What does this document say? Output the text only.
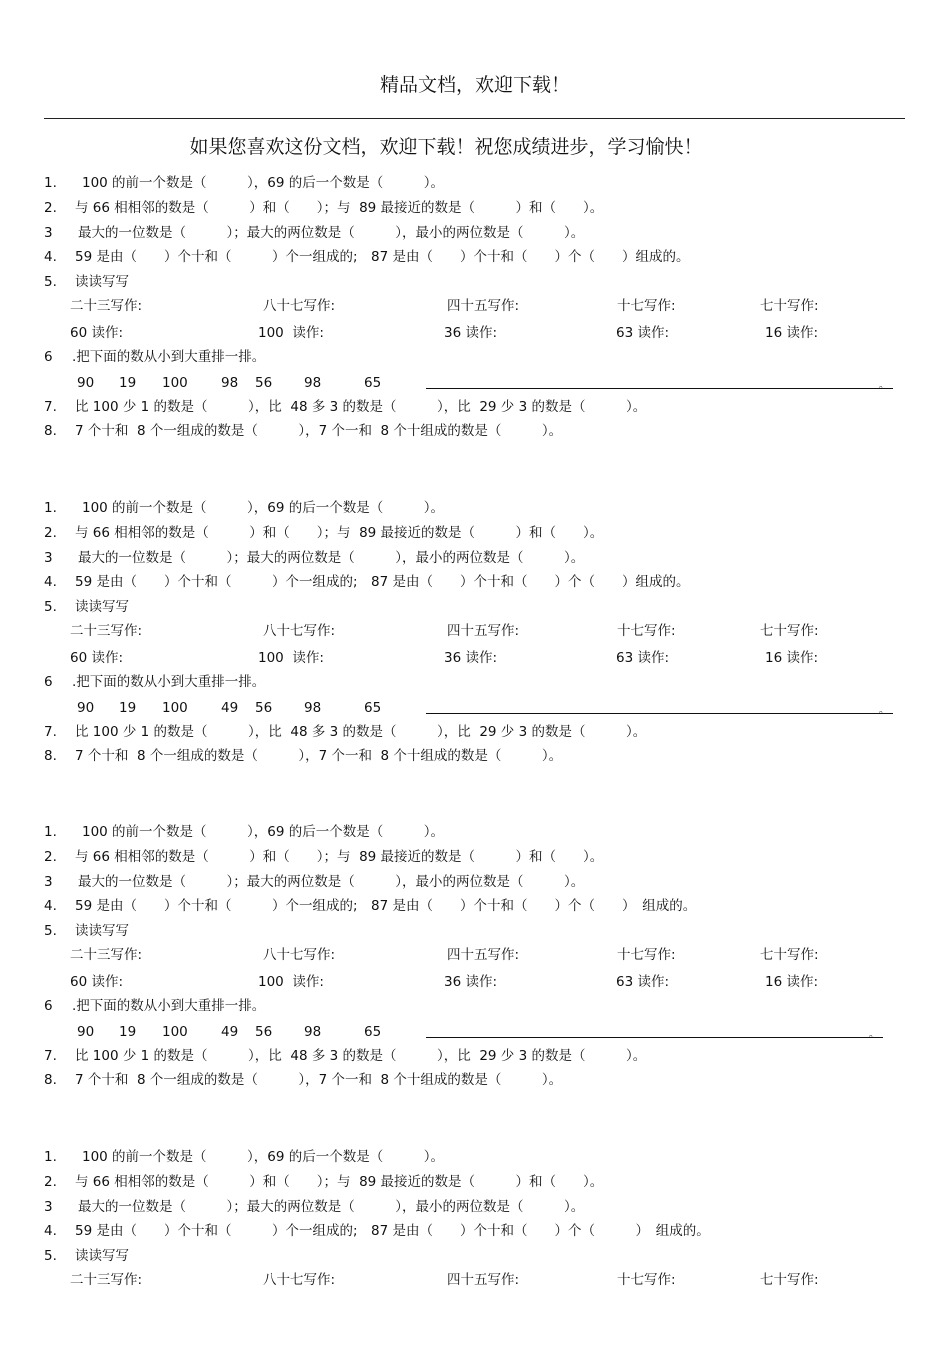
精品文档，欢迎下载！
如果您喜欢这份文档，欢迎下载！祝您成绩进步，学习愉快！
1. 100 的前一个数是（　　　），69 的后一个数是（　　　）。
2. 与 66 相相邻的数是（　　　）和（　　）；与  89 最接近的数是（　　　）和（　　）。
3 最大的一位数是（　　　）；最大的两位数是（　　　），最小的两位数是（　　　）。
4. 59 是由（　　）个十和（　　　）个一组成的;　87 是由（　　）个十和（　　）个（　　）组成的。
5. 读读写写
二十三写作:	八十七写作:	四十五写作:	十七写作:	七十写作:
60 读作:	100  读作:	36 读作:	63 读作:	16 读作:
6 .把下面的数从小到大重排一排。
90 19 100 98 56 98	65	。
7. 比 100 少 1 的数是（　　　），比  48 多 3 的数是（　　　），比  29 少 3 的数是（　　　）。
8. 7 个十和  8 个一组成的数是（　　　），7 个一和  8 个十组成的数是（　　　）。
1. 100 的前一个数是（　　　），69 的后一个数是（　　　）。
2. 与 66 相相邻的数是（　　　）和（　　）；与  89 最接近的数是（　　　）和（　　）。
3 最大的一位数是（　　　）；最大的两位数是（　　　），最小的两位数是（　　　）。
4. 59 是由（　　）个十和（　　　）个一组成的;　87 是由（　　）个十和（　　）个（　　）组成的。
5. 读读写写
二十三写作:	八十七写作:	四十五写作:	十七写作:	七十写作:
60 读作:	100  读作:	36 读作:	63 读作:	16 读作:
6 .把下面的数从小到大重排一排。
90 19 100 49 56 98	65	。
7. 比 100 少 1 的数是（　　　），比  48 多 3 的数是（　　　），比  29 少 3 的数是（　　　）。
8. 7 个十和  8 个一组成的数是（　　　），7 个一和  8 个十组成的数是（　　　）。
1. 100 的前一个数是（　　　），69 的后一个数是（　　　）。
2. 与 66 相相邻的数是（　　　）和（　　）；与  89 最接近的数是（　　　）和（　　）。
3 最大的一位数是（　　　）；最大的两位数是（　　　），最小的两位数是（　　　）。
4. 59 是由（　　）个十和（　　　）个一组成的;　87 是由（　　）个十和（　　）个（　　）　组成的。
5. 读读写写
二十三写作:	八十七写作:	四十五写作:	十七写作:	七十写作:
60 读作:	100  读作:	36 读作:	63 读作:	16 读作:
6 .把下面的数从小到大重排一排。
90 19 100 49 56 98	65	。
7. 比 100 少 1 的数是（　　　），比  48 多 3 的数是（　　　），比  29 少 3 的数是（　　　）。
8. 7 个十和  8 个一组成的数是（　　　），7 个一和  8 个十组成的数是（　　　）。
1. 100 的前一个数是（　　　），69 的后一个数是（　　　）。
2. 与 66 相相邻的数是（　　　）和（　　）；与  89 最接近的数是（　　　）和（　　）。
3 最大的一位数是（　　　）；最大的两位数是（　　　），最小的两位数是（　　　）。
4. 59 是由（　　）个十和（　　　）个一组成的;　87 是由（　　）个十和（　　）个（　　　）　组成的。
5. 读读写写
二十三写作:	八十七写作:	四十五写作:	十七写作:	七十写作:
